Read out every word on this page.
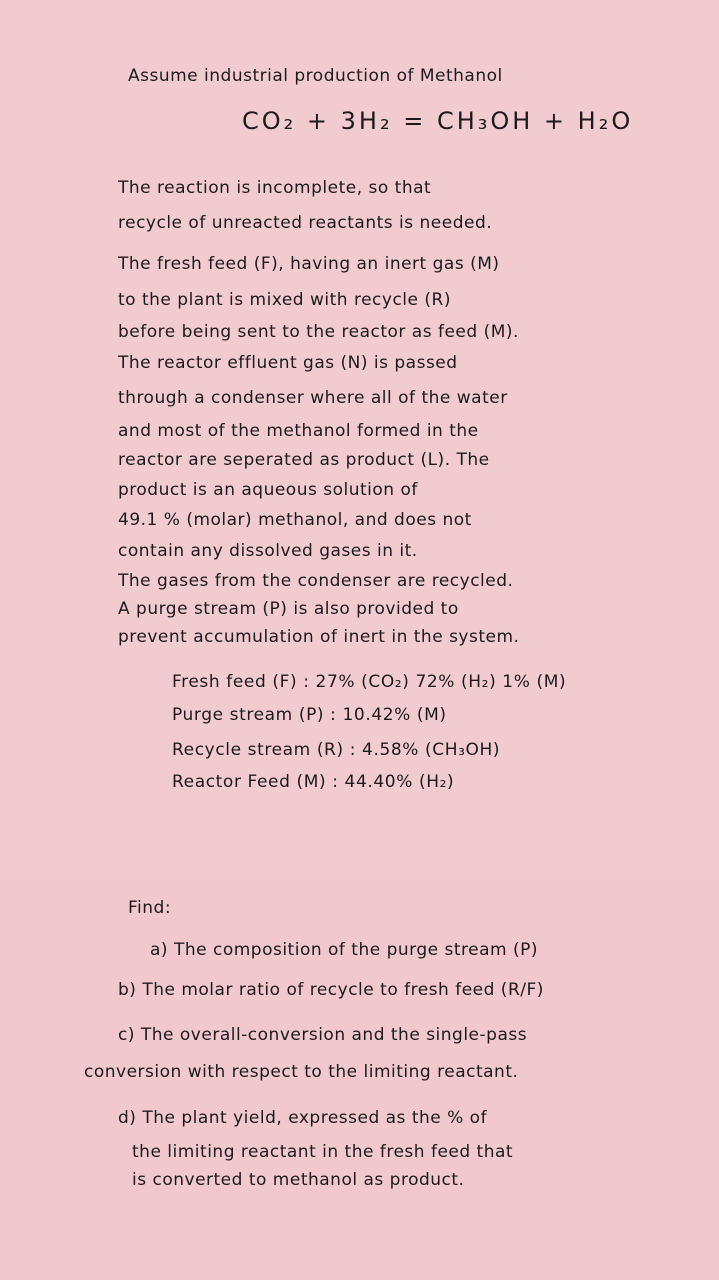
Assume industrial production of Methanol
CO₂ + 3H₂ = CH₃OH + H₂O
The reaction is incomplete, so that
recycle of unreacted reactants is needed.
The fresh feed (F), having an inert gas (M)
to the plant is mixed with recycle (R)
before being sent to the reactor as feed (M).
The reactor effluent gas (N) is passed
through a condenser where all of the water
and most of the methanol formed in the
reactor are seperated as product (L). The
product is an aqueous solution of
49.1 % (molar) methanol, and does not
contain any dissolved gases in it.
The gases from the condenser are recycled.
A purge stream (P) is also provided to
prevent accumulation of inert in the system.
Fresh feed (F) : 27% (CO₂) 72% (H₂) 1% (M)
Purge stream (P) : 10.42% (M)
Recycle stream (R) : 4.58% (CH₃OH)
Reactor Feed (M) : 44.40% (H₂)
Find:
a) The composition of the purge stream (P)
b) The molar ratio of recycle to fresh feed (R/F)
c) The overall-conversion and the single-pass
conversion with respect to the limiting reactant.
d) The plant yield, expressed as the % of
the limiting reactant in the fresh feed that
is converted to methanol as product.
